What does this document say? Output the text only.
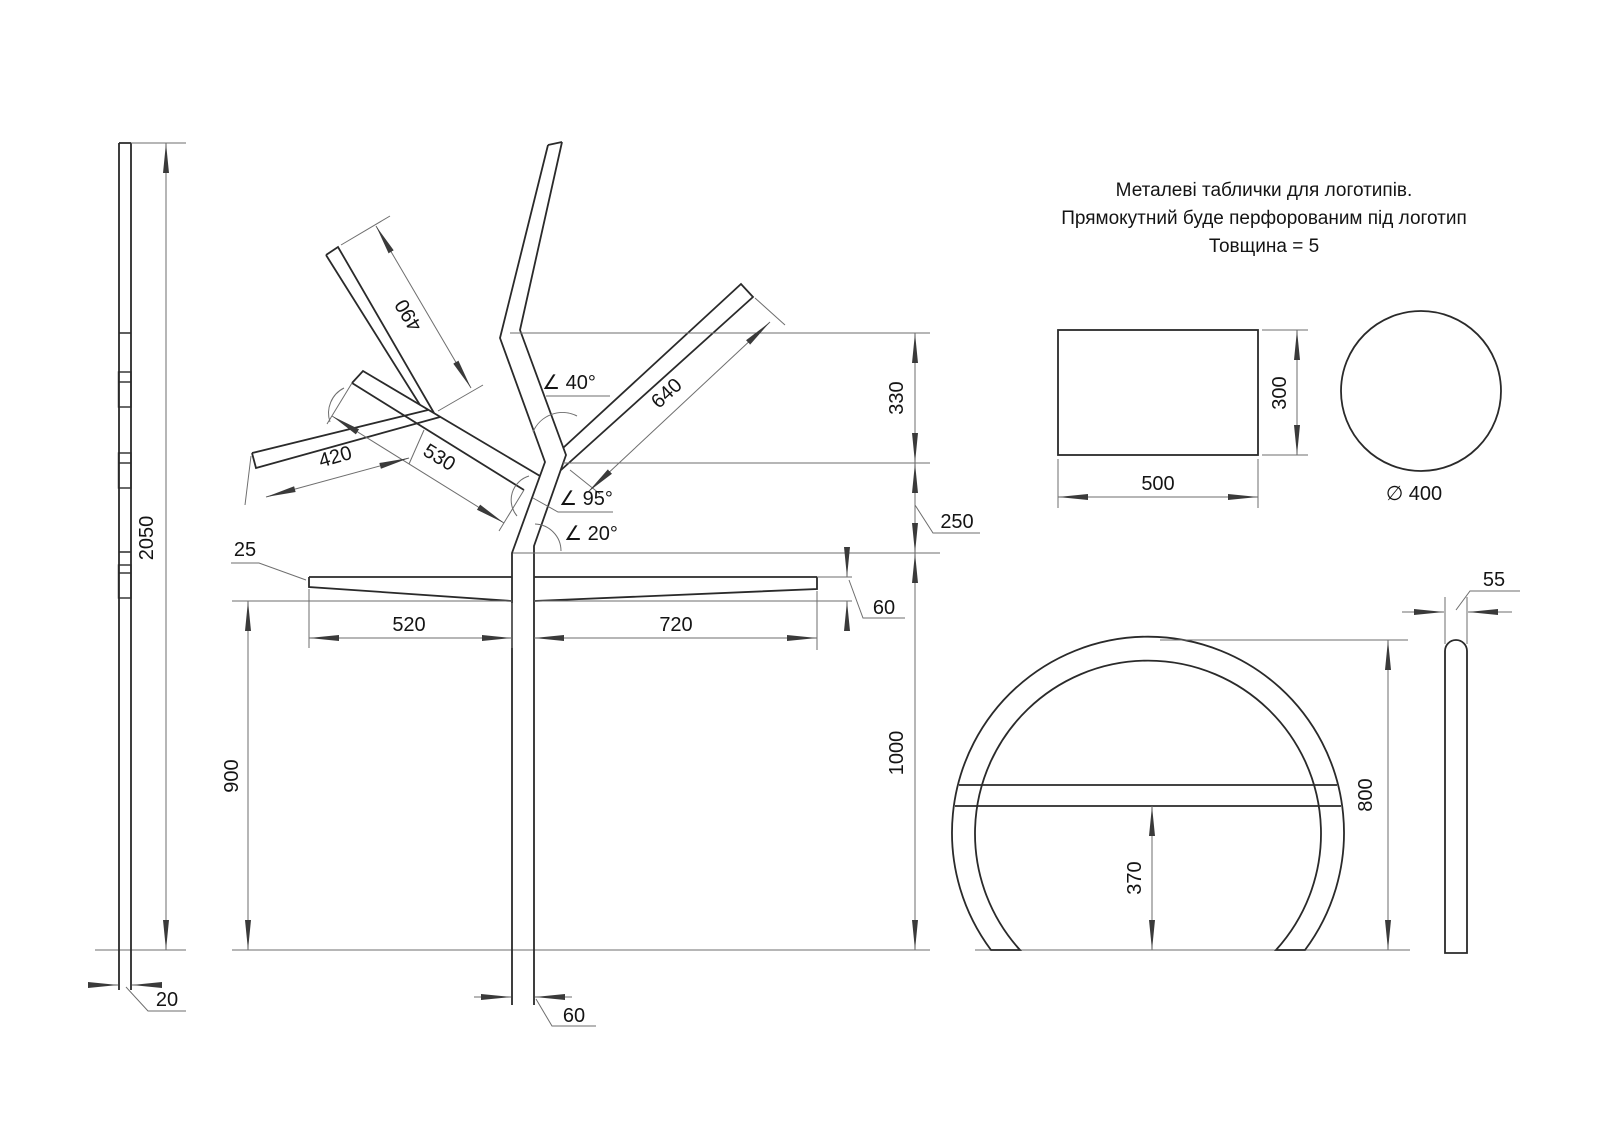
2050
20
490
530
420
640
∠ 40°
∠ 95°
∠ 20°
25
520	720
60
330
250
1000
900
60
Металеві таблички для логотипів.
Прямокутний буде перфорованим під логотип
Товщина = 5
500
300
∅ 400
800
370
55
